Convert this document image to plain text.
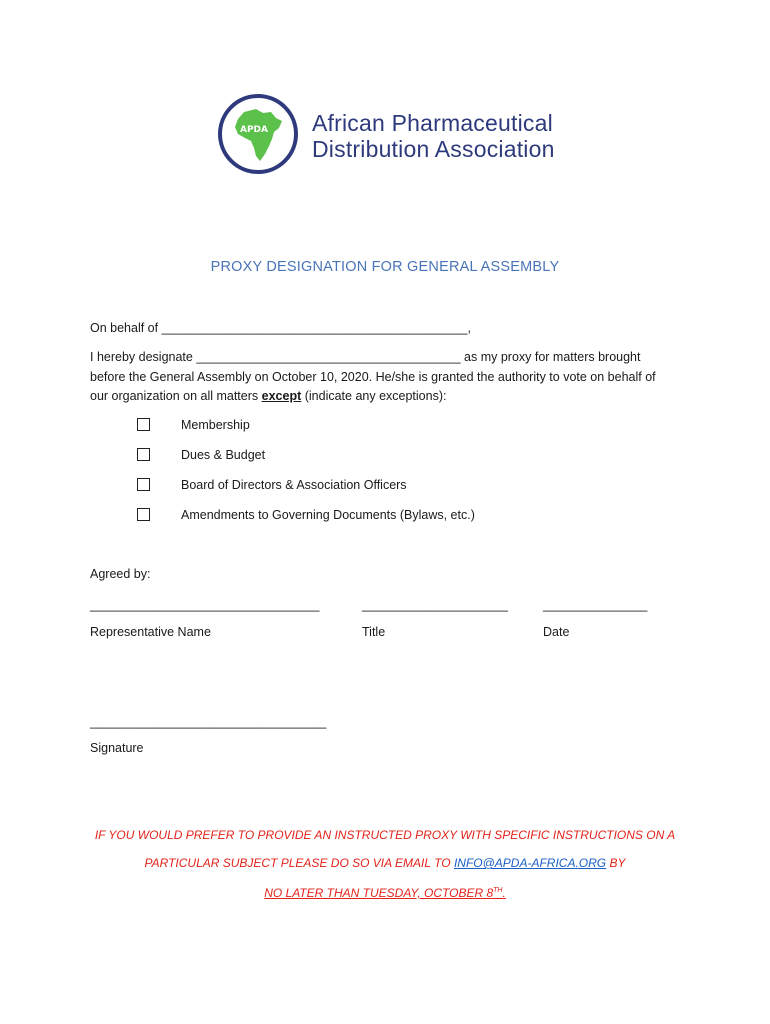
APDA African Pharmaceutical
Distribution Association
PROXY DESIGNATION FOR GENERAL ASSEMBLY
On behalf of ____________________________________________,
I hereby designate ______________________________________ as my proxy for matters brought
before the General Assembly on October 10, 2020. He/she is granted the authority to vote on behalf of
our organization on all matters except (indicate any exceptions):
Membership
Dues & Budget
Board of Directors & Association Officers
Amendments to Governing Documents (Bylaws, etc.)
Agreed by:
_________________________________	_____________________	_______________
Representative Name	Title	Date
__________________________________
Signature
IF YOU WOULD PREFER TO PROVIDE AN INSTRUCTED PROXY WITH SPECIFIC INSTRUCTIONS ON A
PARTICULAR SUBJECT PLEASE DO SO VIA EMAIL TO INFO@APDA-AFRICA.ORG BY
NO LATER THAN TUESDAY, OCTOBER 8TH.
